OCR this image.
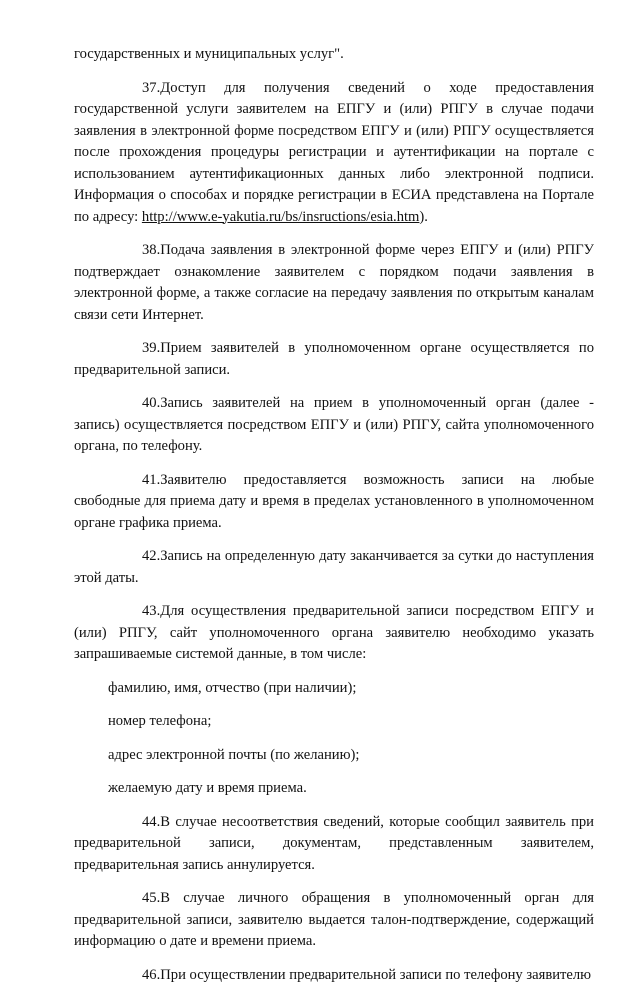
государственных и муниципальных услуг".

37.Доступ для получения сведений о ходе предоставления государственной услуги заявителем на ЕПГУ и (или) РПГУ в случае подачи заявления в электронной форме посредством ЕПГУ и (или) РПГУ осуществляется после прохождения процедуры регистрации и аутентификации на портале с использованием аутентификационных данных либо электронной подписи. Информация о способах и порядке регистрации в ЕСИА представлена на Портале по адресу: http://www.e-yakutia.ru/bs/insructions/esia.htm).

38.Подача заявления в электронной форме через ЕПГУ и (или) РПГУ подтверждает ознакомление заявителем с порядком подачи заявления в электронной форме, а также согласие на передачу заявления по открытым каналам связи сети Интернет.

39.Прием заявителей в уполномоченном органе осуществляется по предварительной записи.

40.Запись заявителей на прием в уполномоченный орган (далее - запись) осуществляется посредством ЕПГУ и (или) РПГУ, сайта уполномоченного органа, по телефону.

41.Заявителю предоставляется возможность записи на любые свободные для приема дату и время в пределах установленного в уполномоченном органе графика приема.

42.Запись на определенную дату заканчивается за сутки до наступления этой даты.

43.Для осуществления предварительной записи посредством ЕПГУ и (или) РПГУ, сайт уполномоченного органа заявителю необходимо указать запрашиваемые системой данные, в том числе:

фамилию, имя, отчество (при наличии);

номер телефона;

адрес электронной почты (по желанию);

желаемую дату и время приема.

44.В случае несоответствия сведений, которые сообщил заявитель при предварительной записи, документам, представленным заявителем, предварительная запись аннулируется.

45.В случае личного обращения в уполномоченный орган для предварительной записи, заявителю выдается талон-подтверждение, содержащий информацию о дате и времени приема.

46.При осуществлении предварительной записи по телефону заявителю
